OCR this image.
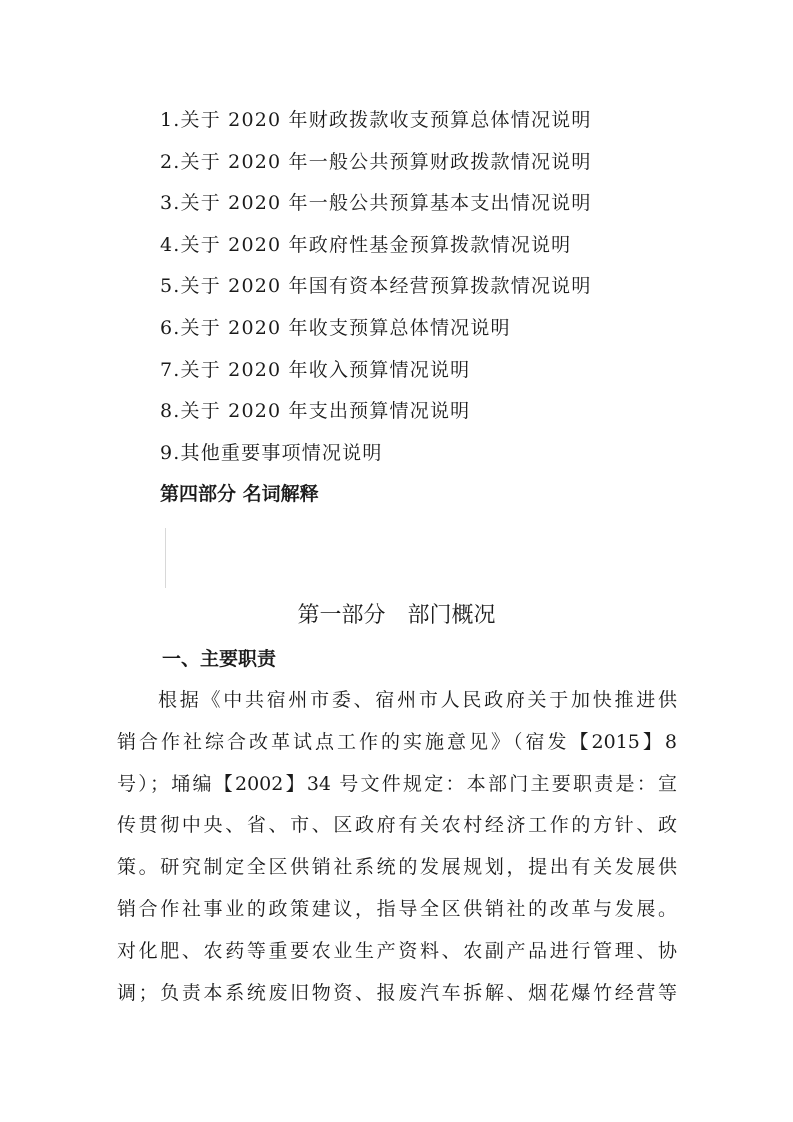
1.关于 2020 年财政拨款收支预算总体情况说明
2.关于 2020 年一般公共预算财政拨款情况说明
3.关于 2020 年一般公共预算基本支出情况说明
4.关于 2020 年政府性基金预算拨款情况说明
5.关于 2020 年国有资本经营预算拨款情况说明
6.关于 2020 年收支预算总体情况说明
7.关于 2020 年收入预算情况说明
8.关于 2020 年支出预算情况说明
9.其他重要事项情况说明
第四部分 名词解释
第一部分　部门概况
一、主要职责
根据《中共宿州市委、宿州市人民政府关于加快推进供
销合作社综合改革试点工作的实施意见》（宿发【2015】8
号）；埇编【2002】34 号文件规定：本部门主要职责是：宣
传贯彻中央、省、市、区政府有关农村经济工作的方针、政
策。研究制定全区供销社系统的发展规划，提出有关发展供
销合作社事业的政策建议，指导全区供销社的改革与发展。
对化肥、农药等重要农业生产资料、农副产品进行管理、协
调；负责本系统废旧物资、报废汽车拆解、烟花爆竹经营等
